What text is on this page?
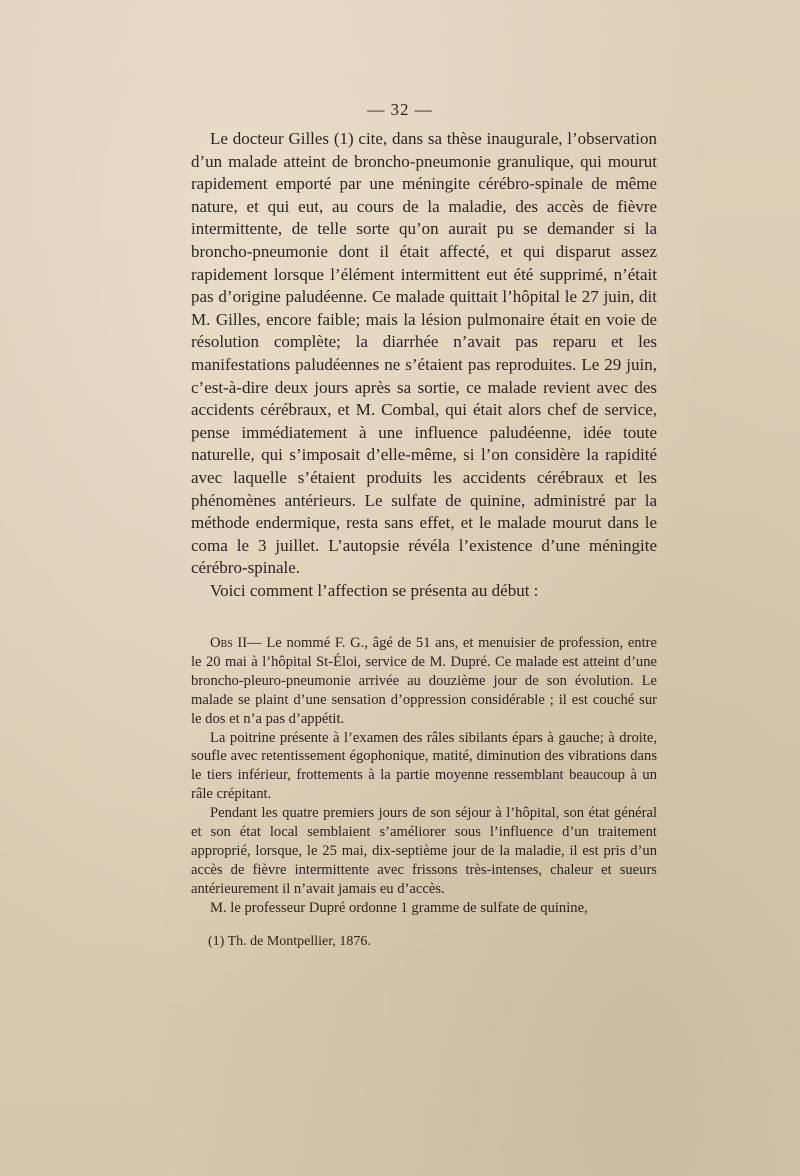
— 32 —

Le docteur Gilles (1) cite, dans sa thèse inaugurale, l’observation d’un malade atteint de broncho-pneumonie granulique, qui mourut rapidement emporté par une méningite cérébro-spinale de même nature, et qui eut, au cours de la maladie, des accès de fièvre intermittente, de telle sorte qu’on aurait pu se demander si la broncho-pneumonie dont il était affecté, et qui disparut assez rapidement lorsque l’élément intermittent eut été supprimé, n’était pas d’origine paludéenne. Ce malade quittait l’hôpital le 27 juin, dit M. Gilles, encore faible; mais la lésion pulmonaire était en voie de résolution complète; la diarrhée n’avait pas reparu et les manifestations paludéennes ne s’étaient pas reproduites. Le 29 juin, c’est-à-dire deux jours après sa sortie, ce malade revient avec des accidents cérébraux, et M. Combal, qui était alors chef de service, pense immédiatement à une influence paludéenne, idée toute naturelle, qui s’imposait d’elle-même, si l’on considère la rapidité avec laquelle s’étaient produits les accidents cérébraux et les phénomènes antérieurs. Le sulfate de quinine, administré par la méthode endermique, resta sans effet, et le malade mourut dans le coma le 3 juillet. L’autopsie révéla l’existence d’une méningite cérébro-spinale.

Voici comment l’affection se présenta au début :

Obs II— Le nommé F. G., âgé de 51 ans, et menuisier de profession, entre le 20 mai à l’hôpital St-Éloi, service de M. Dupré. Ce malade est atteint d’une broncho-pleuro-pneumonie arrivée au douzième jour de son évolution. Le malade se plaint d’une sensation d’oppression considérable ; il est couché sur le dos et n’a pas d’appétit.

La poitrine présente à l’examen des râles sibilants épars à gauche; à droite, soufle avec retentissement égophonique, matité, diminution des vibrations dans le tiers inférieur, frottements à la partie moyenne ressemblant beaucoup à un râle crépitant.

Pendant les quatre premiers jours de son séjour à l’hôpital, son état général et son état local semblaient s’améliorer sous l’influence d’un traitement approprié, lorsque, le 25 mai, dix-septième jour de la maladie, il est pris d’un accès de fièvre intermittente avec frissons très-intenses, chaleur et sueurs antérieurement il n’avait jamais eu d’accès.

M. le professeur Dupré ordonne 1 gramme de sulfate de quinine,

(1) Th. de Montpellier, 1876.
